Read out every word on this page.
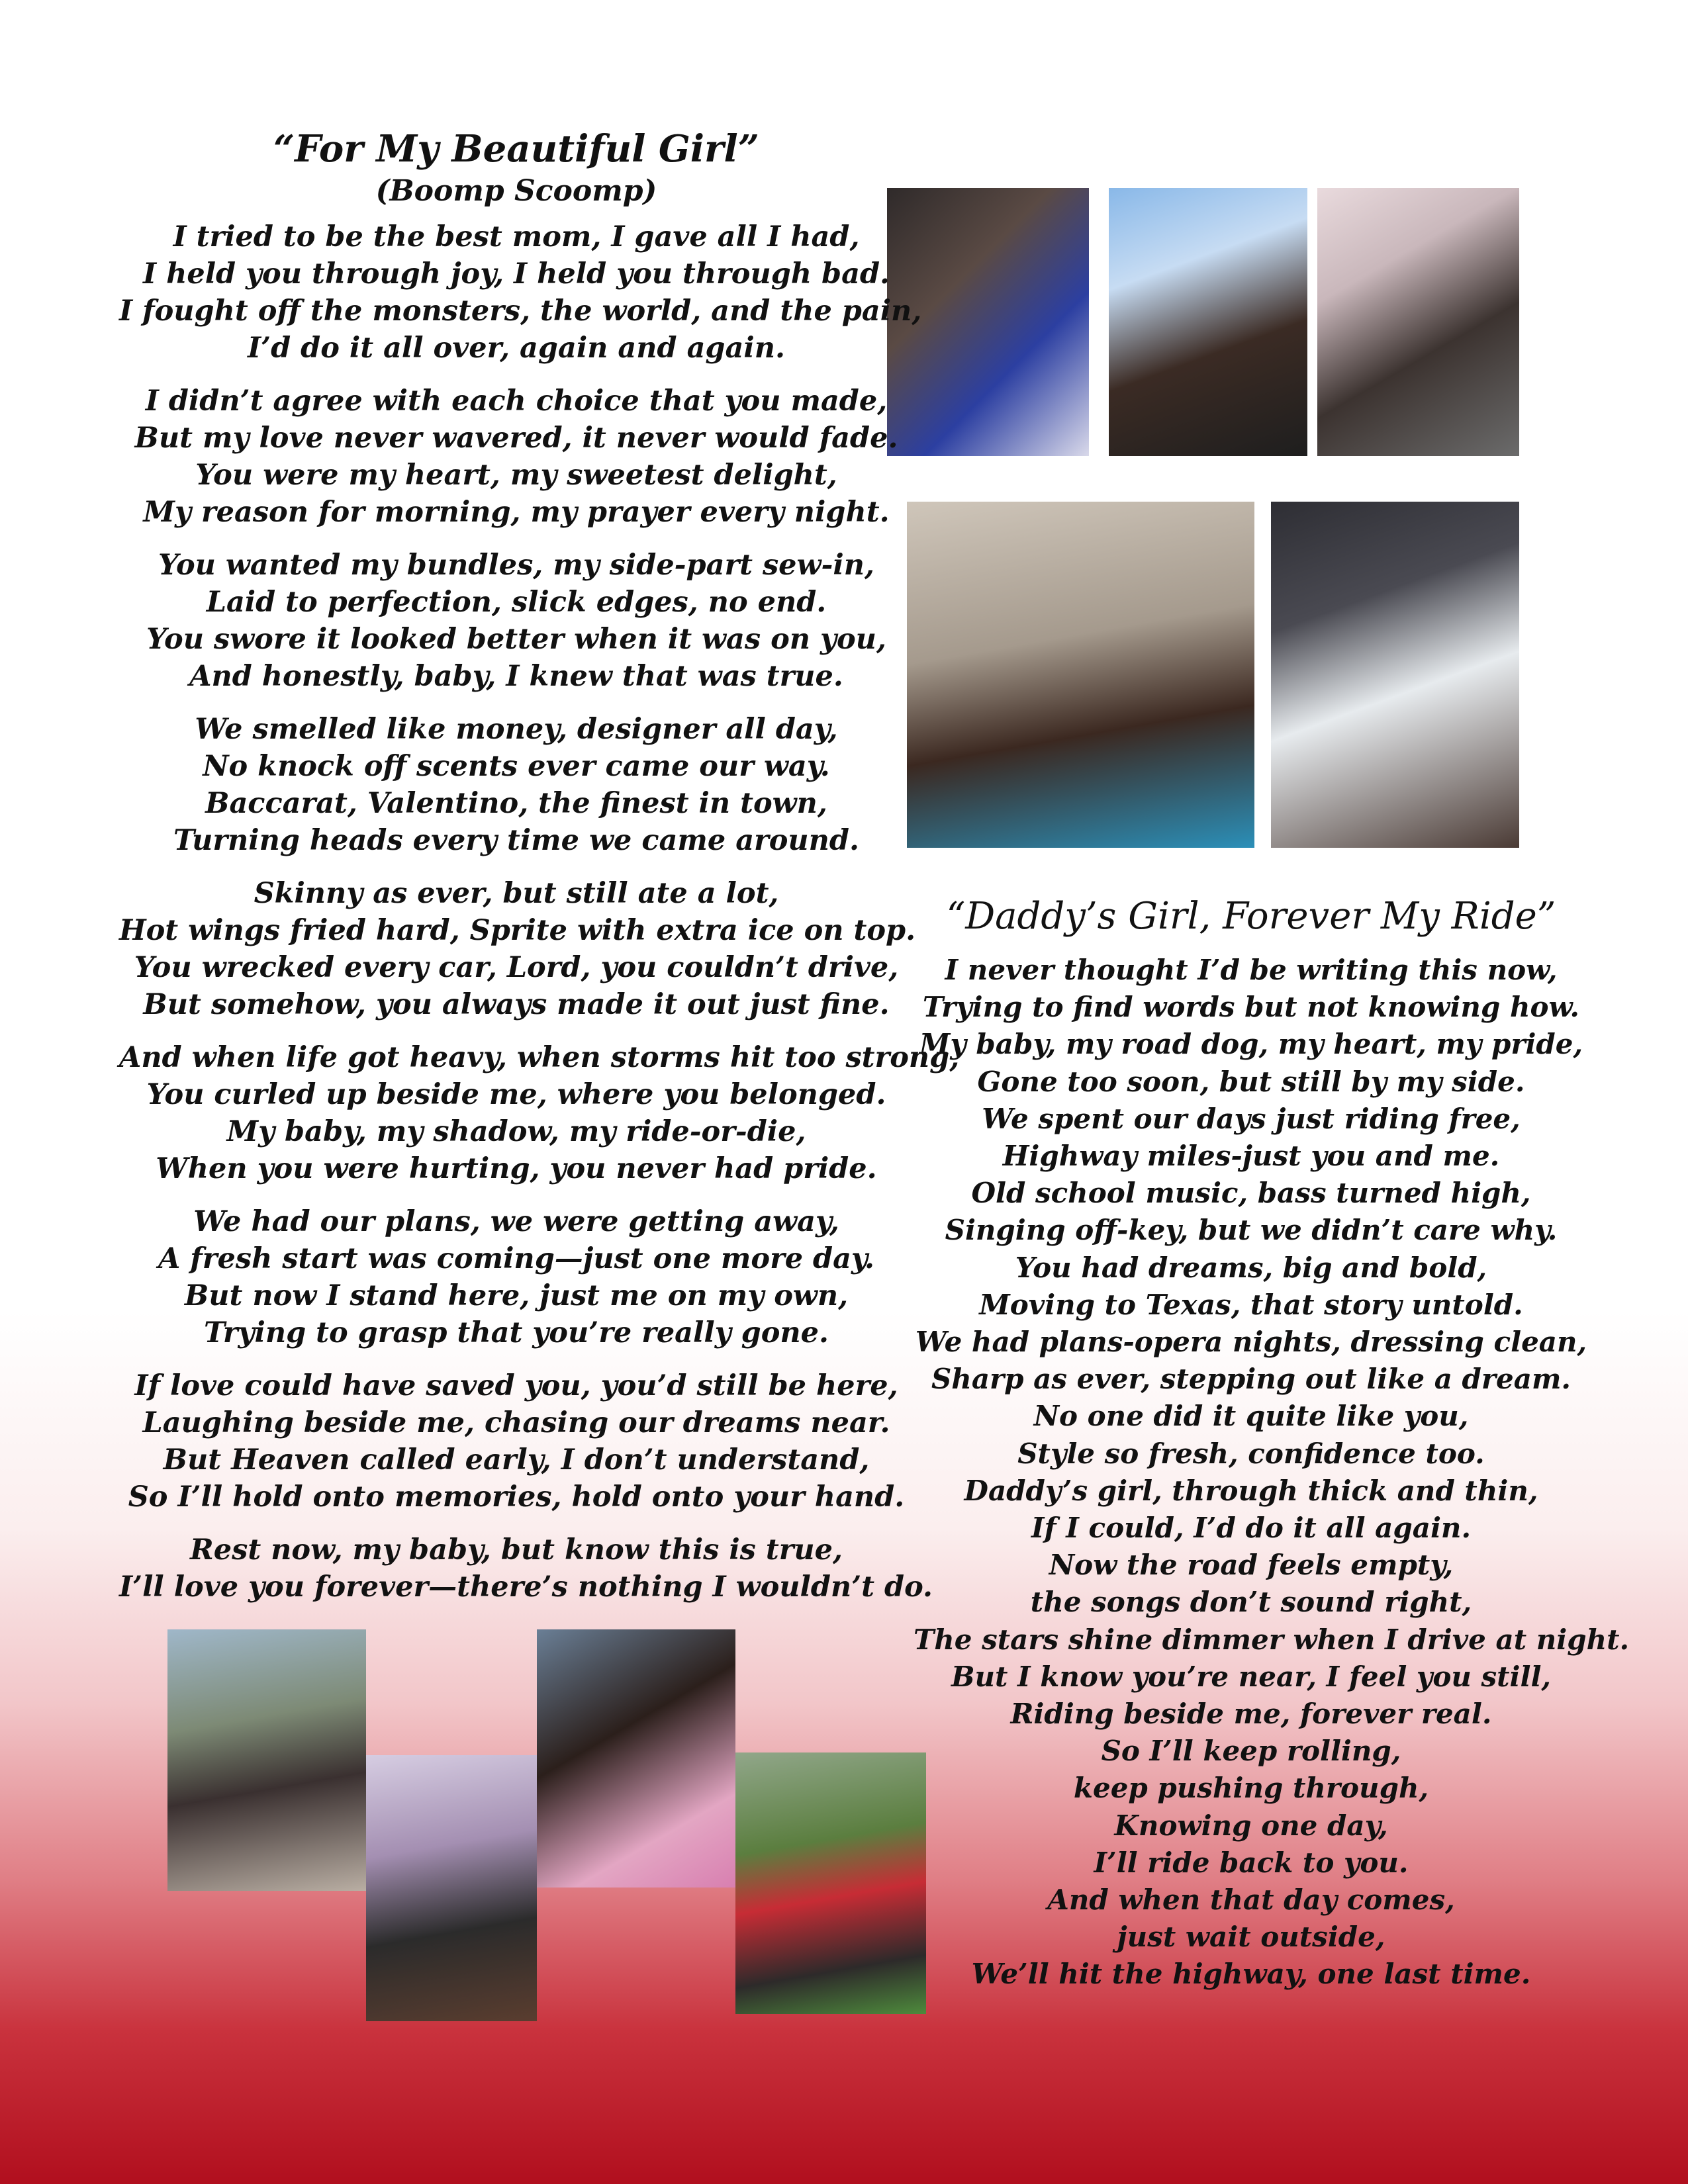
“For My Beautiful Girl”
(Boomp Scoomp)
I tried to be the best mom, I gave all I had,
I held you through joy, I held you through bad.
I fought off the monsters, the world, and the pain,
I’d do it all over, again and again.
I didn’t agree with each choice that you made,
But my love never wavered, it never would fade.
You were my heart, my sweetest delight,
My reason for morning, my prayer every night.
You wanted my bundles, my side-part sew-in,
Laid to perfection, slick edges, no end.
You swore it looked better when it was on you,
And honestly, baby, I knew that was true.
We smelled like money, designer all day,
No knock off scents ever came our way.
Baccarat, Valentino, the finest in town,
Turning heads every time we came around.
Skinny as ever, but still ate a lot,
Hot wings fried hard, Sprite with extra ice on top.
You wrecked every car, Lord, you couldn’t drive,
But somehow, you always made it out just fine.
And when life got heavy, when storms hit too strong,
You curled up beside me, where you belonged.
My baby, my shadow, my ride-or-die,
When you were hurting, you never had pride.
We had our plans, we were getting away,
A fresh start was coming—just one more day.
But now I stand here, just me on my own,
Trying to grasp that you’re really gone.
If love could have saved you, you’d still be here,
Laughing beside me, chasing our dreams near.
But Heaven called early, I don’t understand,
So I’ll hold onto memories, hold onto your hand.
Rest now, my baby, but know this is true,
I’ll love you forever—there’s nothing I wouldn’t do.
“Daddy’s Girl, Forever My Ride”
I never thought I’d be writing this now,
Trying to find words but not knowing how.
My baby, my road dog, my heart, my pride,
Gone too soon, but still by my side.
We spent our days just riding free,
Highway miles-just you and me.
Old school music, bass turned high,
Singing off-key, but we didn’t care why.
You had dreams, big and bold,
Moving to Texas, that story untold.
We had plans-opera nights, dressing clean,
Sharp as ever, stepping out like a dream.
No one did it quite like you,
Style so fresh, confidence too.
Daddy’s girl, through thick and thin,
If I could, I’d do it all again.
Now the road feels empty,
the songs don’t sound right,
The stars shine dimmer when I drive at night.
But I know you’re near, I feel you still,
Riding beside me, forever real.
So I’ll keep rolling,
keep pushing through,
Knowing one day,
I’ll ride back to you.
And when that day comes,
just wait outside,
We’ll hit the highway, one last time.
